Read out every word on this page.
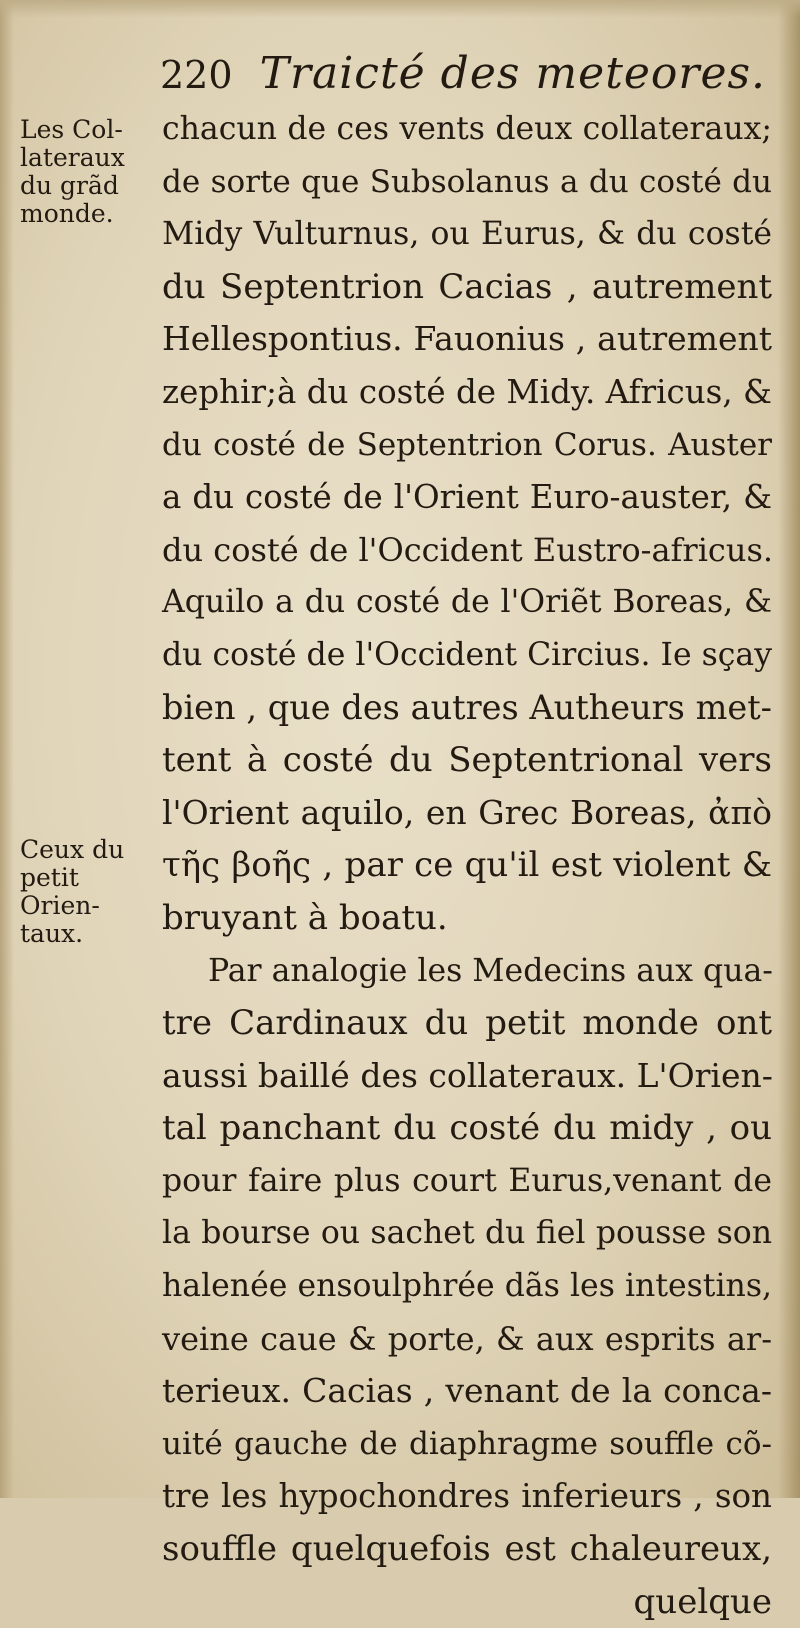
220 Traicté des meteores.
Les Col-
lateraux
du grãd
monde.
Ceux du
petit
Orien-
taux.
chacun de ces vents deux collateraux;
de sorte que Subsolanus a du costé du
Midy Vulturnus, ou Eurus, & du costé
du Septentrion Cacias , autrement
Hellespontius. Fauonius , autrement
zephir;à du costé de Midy. Africus, &
du costé de Septentrion Corus. Auster
a du costé de l'Orient Euro-auster, &
du costé de l'Occident Eustro-africus.
Aquilo a du costé de l'Oriẽt Boreas, &
du costé de l'Occident Circius. Ie sçay
bien , que des autres Autheurs met-
tent à costé du Septentrional vers
l'Orient aquilo, en Grec Boreas, ἀπὸ
τῆς βοῆς , par ce qu'il est violent &
bruyant à boatu.
Par analogie les Medecins aux qua-
tre Cardinaux du petit monde ont
aussi baillé des collateraux. L'Orien-
tal panchant du costé du midy , ou
pour faire plus court Eurus,venant de
la bourse ou sachet du fiel pousse son
halenée ensoulphrée dãs les intestins,
veine caue & porte, & aux esprits ar-
terieux. Cacias , venant de la conca-
uité gauche de diaphragme souffle cõ-
tre les hypochondres inferieurs , son
souffle quelquefois est chaleureux,
quelque
